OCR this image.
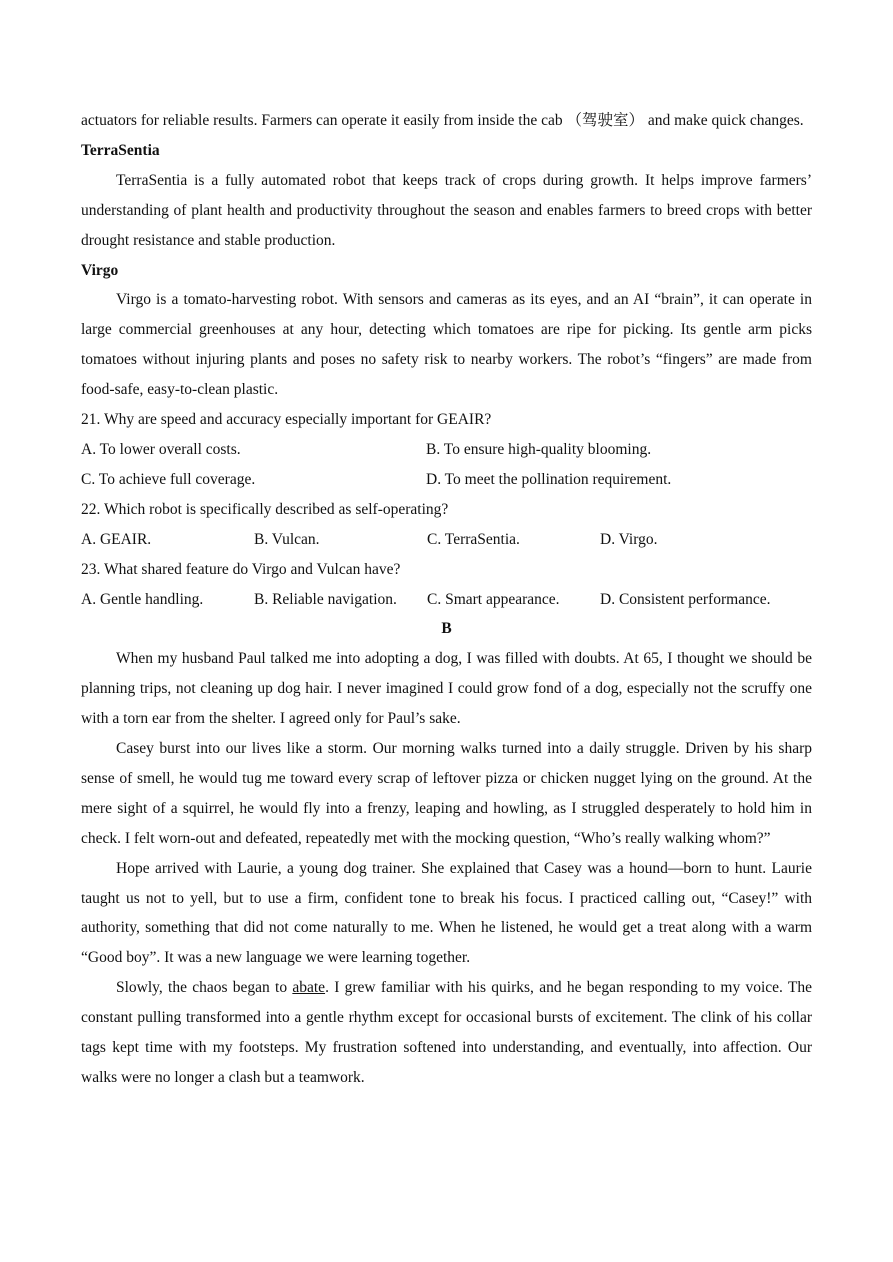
actuators for reliable results. Farmers can operate it easily from inside the cab （驾驶室） and make quick changes.

TerraSentia

TerraSentia is a fully automated robot that keeps track of crops during growth. It helps improve farmers’ understanding of plant health and productivity throughout the season and enables farmers to breed crops with better drought resistance and stable production.

Virgo

Virgo is a tomato-harvesting robot. With sensors and cameras as its eyes, and an AI “brain”, it can operate in large commercial greenhouses at any hour, detecting which tomatoes are ripe for picking. Its gentle arm picks tomatoes without injuring plants and poses no safety risk to nearby workers. The robot’s “fingers” are made from food-safe, easy-to-clean plastic.

21. Why are speed and accuracy especially important for GEAIR?

A. To lower overall costs.	B. To ensure high-quality blooming.
C. To achieve full coverage.	D. To meet the pollination requirement.

22. Which robot is specifically described as self-operating?

A. GEAIR.	B. Vulcan.	C. TerraSentia.	D. Virgo.

23. What shared feature do Virgo and Vulcan have?

A. Gentle handling.	B. Reliable navigation.	C. Smart appearance.	D. Consistent performance.

B

When my husband Paul talked me into adopting a dog, I was filled with doubts. At 65, I thought we should be planning trips, not cleaning up dog hair. I never imagined I could grow fond of a dog, especially not the scruffy one with a torn ear from the shelter. I agreed only for Paul’s sake.

Casey burst into our lives like a storm. Our morning walks turned into a daily struggle. Driven by his sharp sense of smell, he would tug me toward every scrap of leftover pizza or chicken nugget lying on the ground. At the mere sight of a squirrel, he would fly into a frenzy, leaping and howling, as I struggled desperately to hold him in check. I felt worn-out and defeated, repeatedly met with the mocking question, “Who’s really walking whom?”

Hope arrived with Laurie, a young dog trainer. She explained that Casey was a hound—born to hunt. Laurie taught us not to yell, but to use a firm, confident tone to break his focus. I practiced calling out, “Casey!” with authority, something that did not come naturally to me. When he listened, he would get a treat along with a warm “Good boy”. It was a new language we were learning together.

Slowly, the chaos began to abate. I grew familiar with his quirks, and he began responding to my voice. The constant pulling transformed into a gentle rhythm except for occasional bursts of excitement. The clink of his collar tags kept time with my footsteps. My frustration softened into understanding, and eventually, into affection. Our walks were no longer a clash but a teamwork.
